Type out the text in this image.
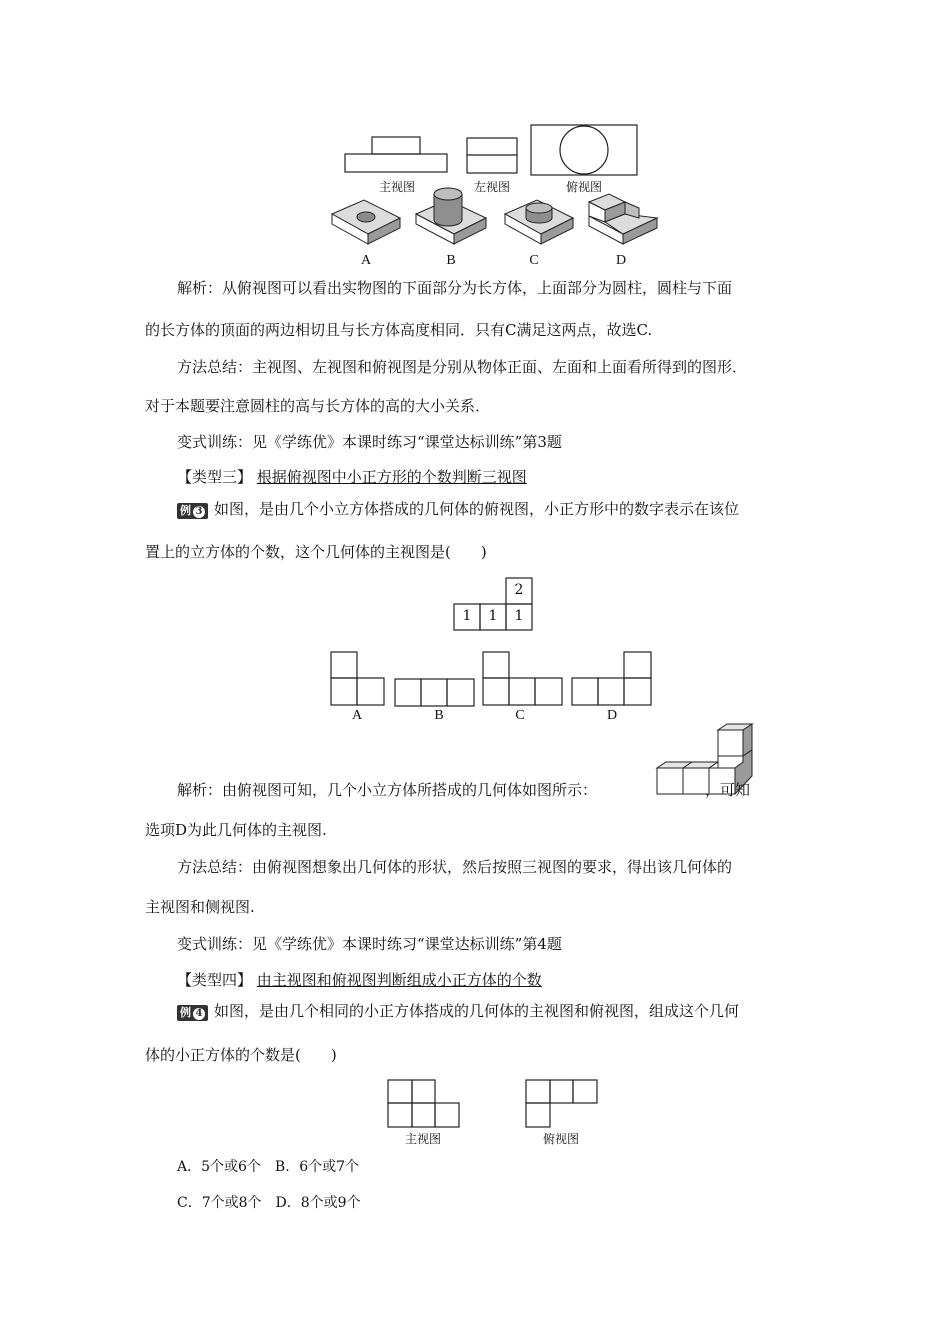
主视图	左视图	俯视图
A	B	C	D
解析：从俯视图可以看出实物图的下面部分为长方体，上面部分为圆柱，圆柱与下面
的长方体的顶面的两边相切且与长方体高度相同．只有C满足这两点，故选C.
方法总结：主视图、左视图和俯视图是分别从物体正面、左面和上面看所得到的图形．
对于本题要注意圆柱的高与长方体的高的大小关系．
变式训练：见《学练优》本课时练习“课堂达标训练”第3题
【类型三】 根据俯视图中小正方形的个数判断三视图
例 3 如图，是由几个小立方体搭成的几何体的俯视图，小正方形中的数字表示在该位
置上的立方体的个数，这个几何体的主视图是(　　)
2
1	1	1
A	B	C	D
解析：由俯视图可知，几个小立方体所搭成的几何体如图所示：	，可知
选项D为此几何体的主视图.
方法总结：由俯视图想象出几何体的形状，然后按照三视图的要求，得出该几何体的
主视图和侧视图.
变式训练：见《学练优》本课时练习“课堂达标训练”第4题
【类型四】 由主视图和俯视图判断组成小正方体的个数
例 4 如图，是由几个相同的小正方体搭成的几何体的主视图和俯视图，组成这个几何
体的小正方体的个数是(　　)
主视图	俯视图
A．5个或6个　B．6个或7个
C．7个或8个　D．8个或9个
